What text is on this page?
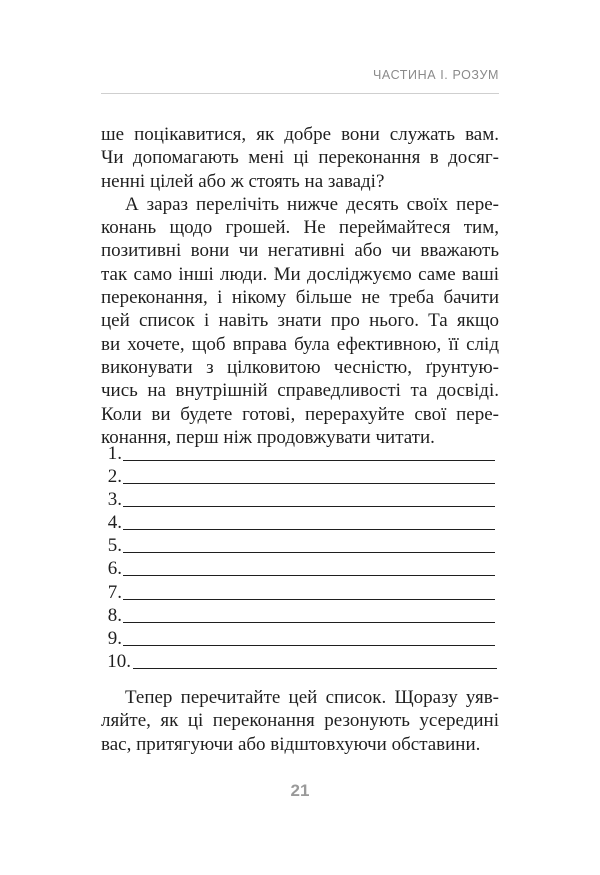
ЧАСТИНА І. РОЗУМ
ше поцікавитися, як добре вони служать вам.
Чи допомагають мені ці переконання в досяг-
ненні цілей або ж стоять на заваді?
А зараз перелічіть нижче десять своїх пере-
конань щодо грошей. Не переймайтеся тим,
позитивні вони чи негативні або чи вважають
так само інші люди. Ми досліджуємо саме ваші
переконання, і нікому більше не треба бачити
цей список і навіть знати про нього. Та якщо
ви хочете, щоб вправа була ефективною, її слід
виконувати з цілковитою чесністю, ґрунтую-
чись на внутрішній справедливості та досвіді.
Коли ви будете готові, перерахуйте свої пере-
конання, перш ніж продовжувати читати.
1.
2.
3.
4.
5.
6.
7.
8.
9.
10.
Тепер перечитайте цей список. Щоразу уяв-
ляйте, як ці переконання резонують усередині
вас, притягуючи або відштовхуючи обставини.
21
